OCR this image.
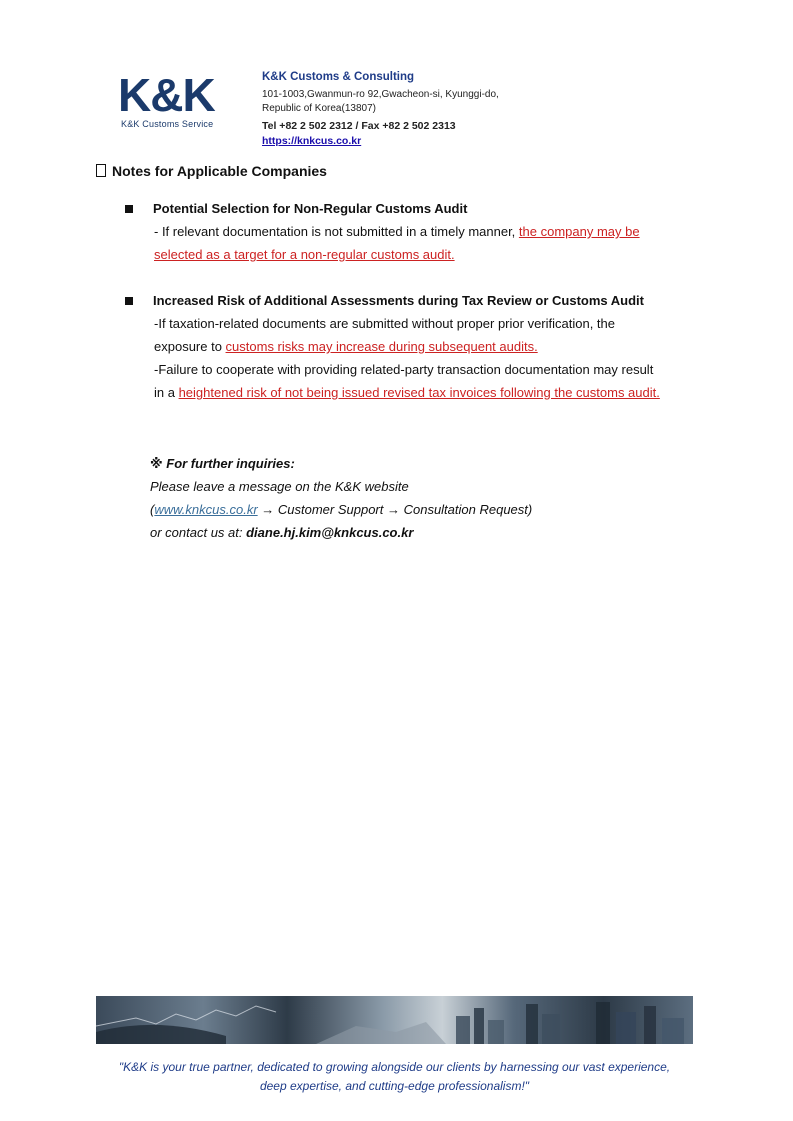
K&K
K&K Customs Service
K&K Customs & Consulting
101-1003,Gwanmun-ro 92,Gwacheon-si, Kyunggi-do,
Republic of Korea(13807)
Tel +82 2 502 2312 / Fax +82 2 502 2313
https://knkcus.co.kr
Notes for Applicable Companies
Potential Selection for Non-Regular Customs Audit
- If relevant documentation is not submitted in a timely manner, the company may be
selected as a target for a non-regular customs audit.
Increased Risk of Additional Assessments during Tax Review or Customs Audit
-If taxation-related documents are submitted without proper prior verification, the
exposure to customs risks may increase during subsequent audits.
-Failure to cooperate with providing related-party transaction documentation may result
in a heightened risk of not being issued revised tax invoices following the customs audit.
※ For further inquiries:
Please leave a message on the K&K website
(www.knkcus.co.kr → Customer Support → Consultation Request)
or contact us at: diane.hj.kim@knkcus.co.kr
"K&K is your true partner, dedicated to growing alongside our clients by harnessing our vast experience,
deep expertise, and cutting-edge professionalism!"
